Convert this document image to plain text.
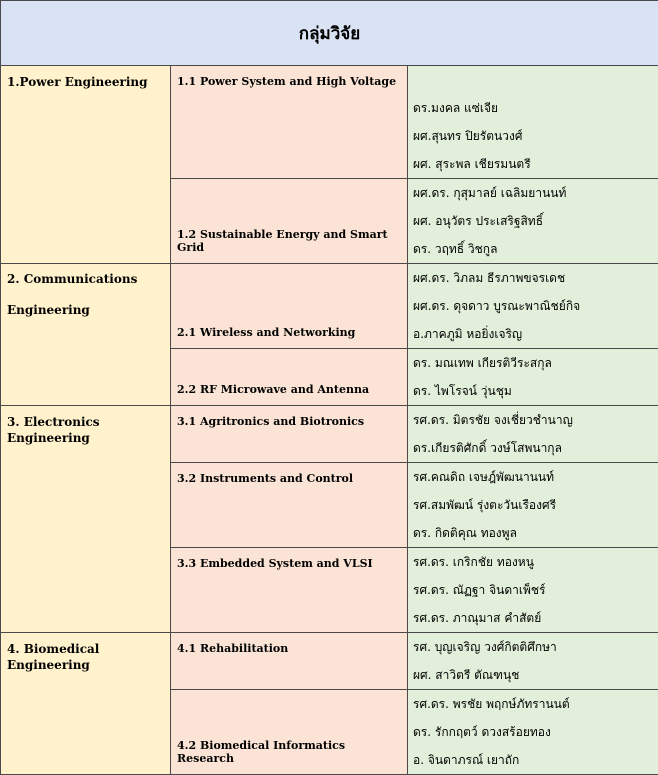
กลุ่มวิจัย		

1.Power Engineering	1.1 Power System and High Voltage	ดร.มงคล แซ่เจีย
ผศ.สุนทร ปิยรัตนวงศ์
ผศ. สุระพล เชียรมนตรี

	1.2 Sustainable Energy and Smart Grid	ผศ.ดร. กุสุมาลย์ เฉลิมยานนท์
ผศ. อนุวัตร ประเสริฐสิทธิ์
ดร. วฤทธิ์ วิชกูล

2. Communications Engineering	2.1 Wireless and Networking	ผศ.ดร. วิภลม ธีรภาพขจรเดช
ผศ.ดร. ดุจดาว บูรณะพาณิชย์กิจ
อ.ภาคภูมิ หอยิ่งเจริญ

	2.2 RF Microwave and Antenna	ดร. มณเทพ เกียรติวีระสกุล
ดร. ไพโรจน์ วุ่นชุม

3. Electronics Engineering	3.1 Agritronics and Biotronics	รศ.ดร. มิตรชัย จงเชี่ยวชำนาญ
ดร.เกียรติศักดิ์ วงษ์โสพนากุล

	3.2 Instruments and Control	รศ.คณดิถ เจษฎ์พัฒนานนท์
รศ.สมพัฒน์ รุ่งตะวันเรืองศรี
ดร. กิดติคุณ ทองพูล

	3.3 Embedded System and VLSI	รศ.ดร. เกริกชัย ทองหนู
รศ.ดร. ณัฏฐา จินดาเพ็ชร์
รศ.ดร. ภาณุมาส คำสัตย์

4. Biomedical Engineering	4.1 Rehabilitation	รศ. บุญเจริญ วงศ์กิตติศึกษา
ผศ. สาวิตรี ตัณฑนุช

	4.2 Biomedical Informatics Research	รศ.ดร. พรชัย พฤกษ์ภัทรานนต์
ดร. รักกฤตว์ ดวงสร้อยทอง
อ. จินดาภรณ์ เยาถัก
